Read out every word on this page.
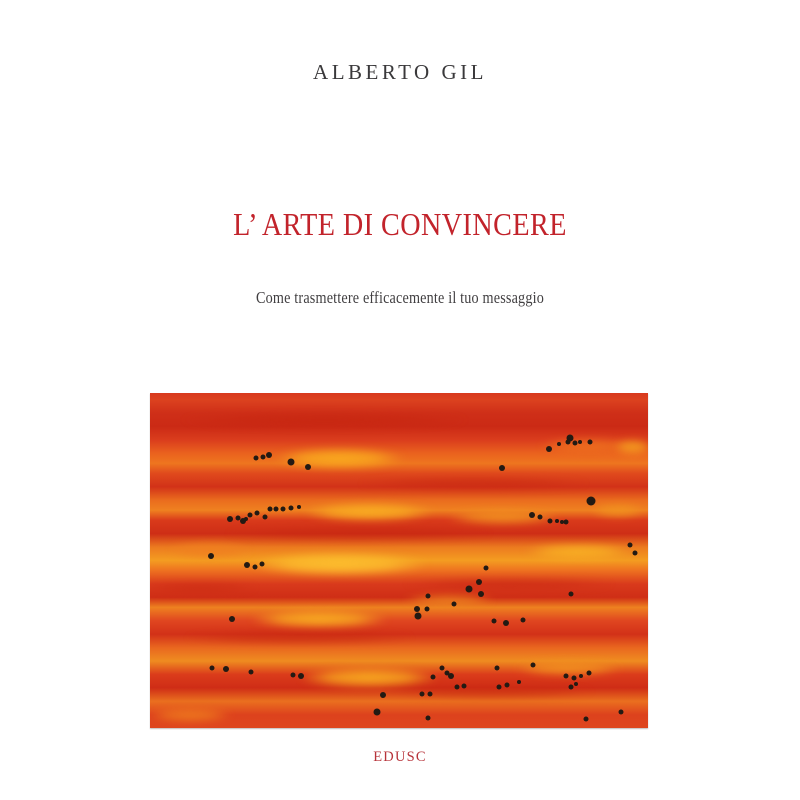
ALBERTO GIL
L’ ARTE DI CONVINCERE
Come trasmettere efficacemente il tuo messaggio
EDUSC
